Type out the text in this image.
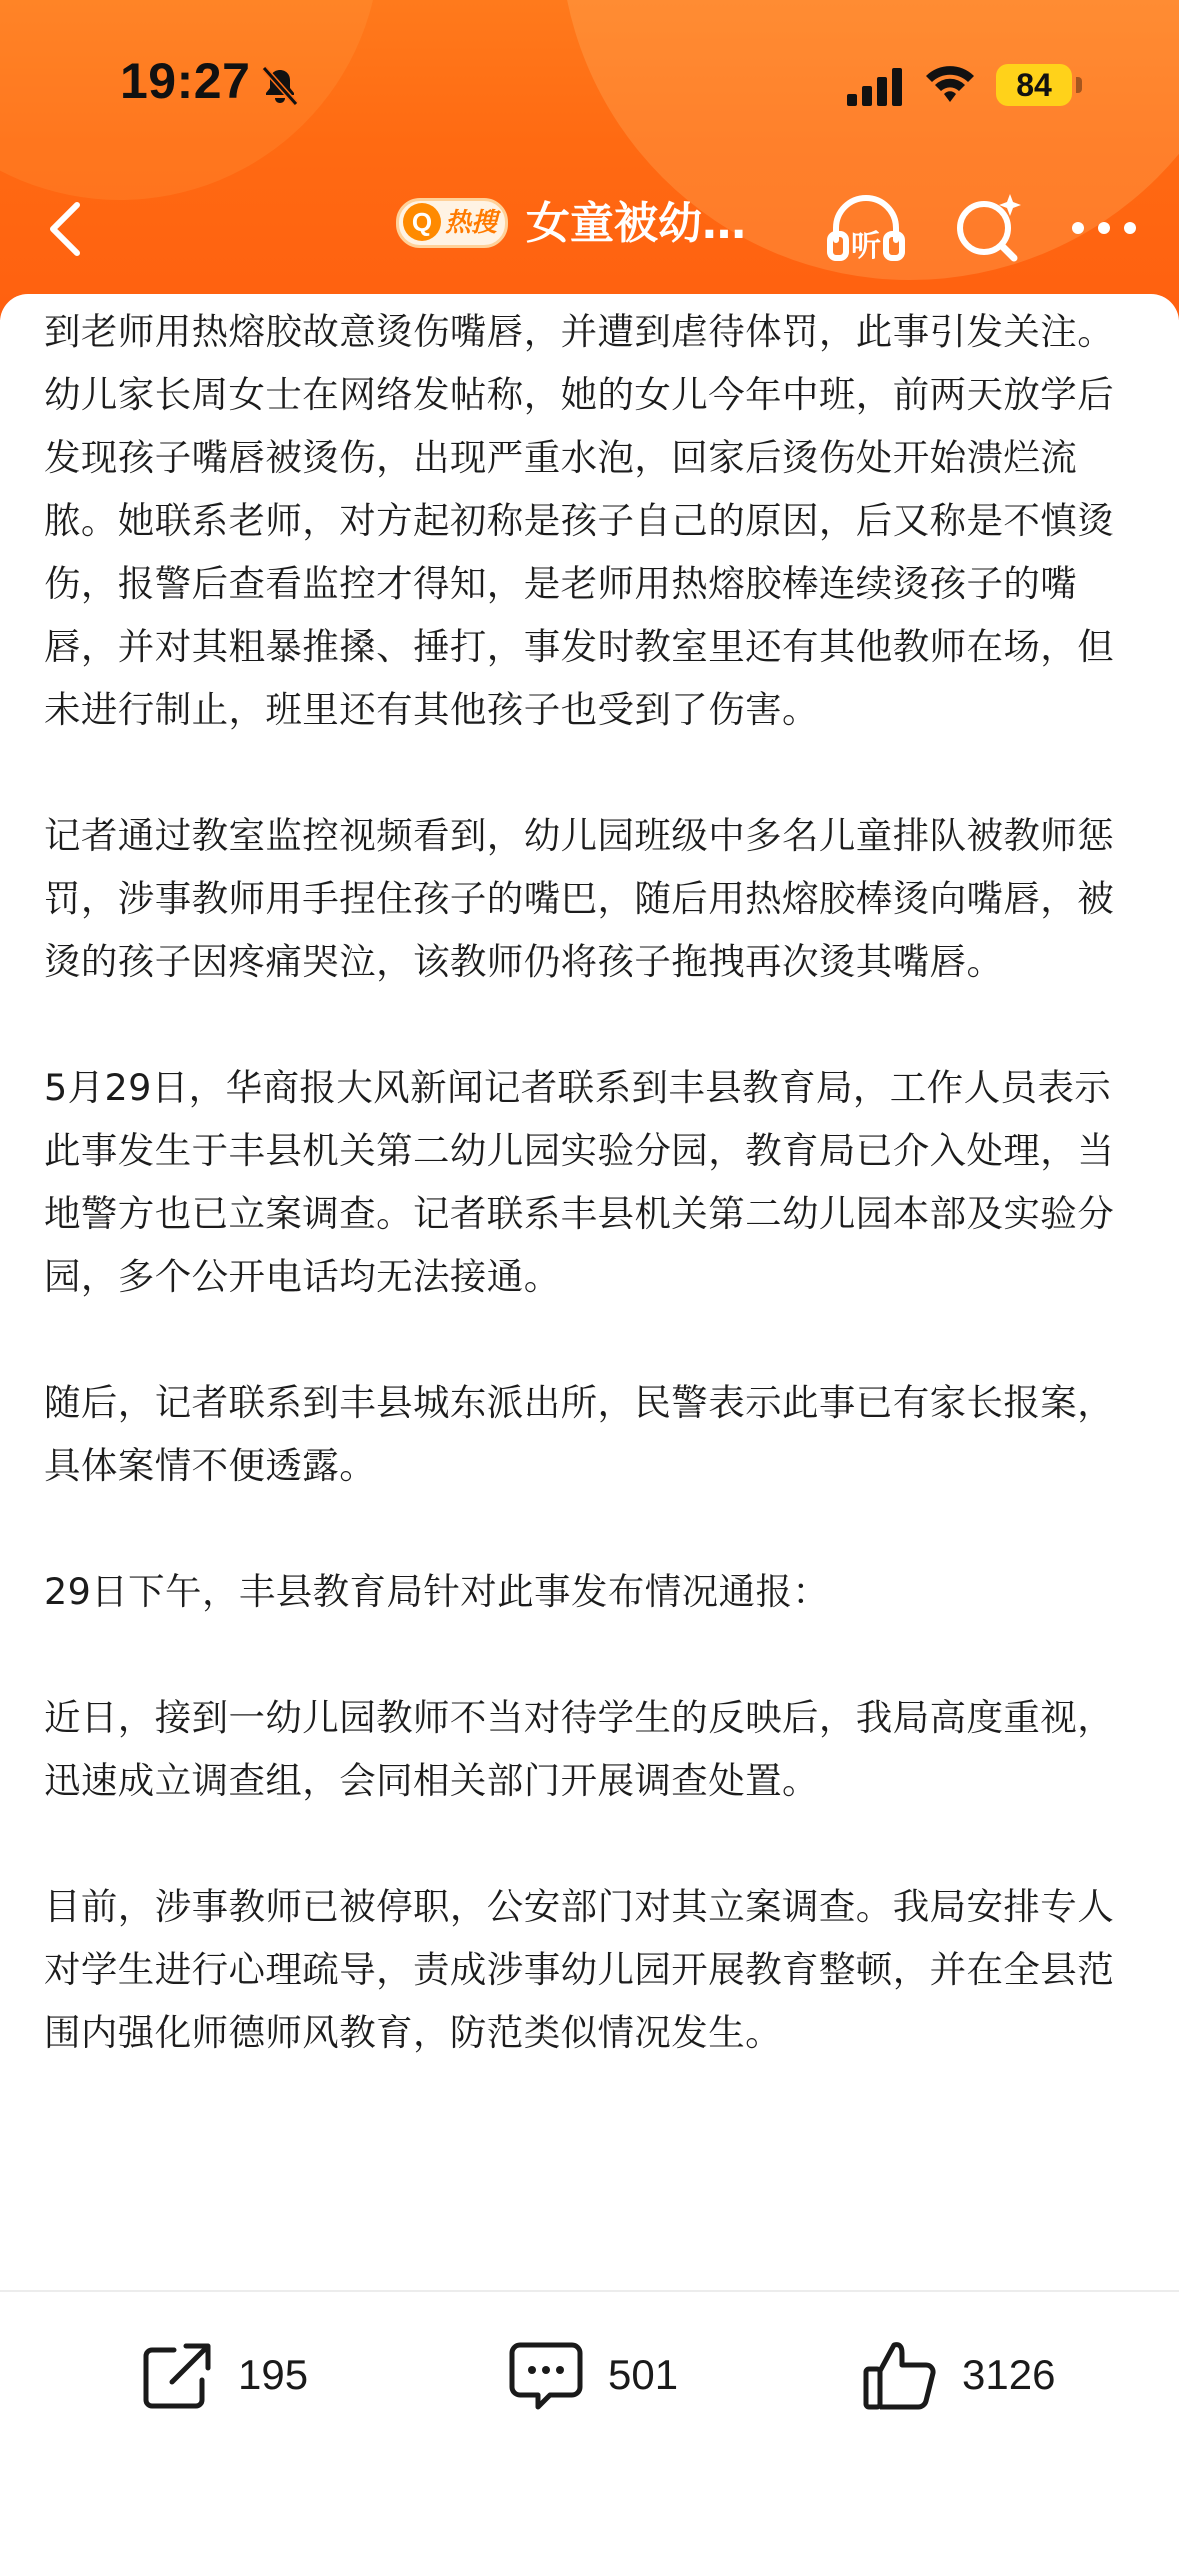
19:27	84
Q 热搜 女童被幼…	听

到老师用热熔胶故意烫伤嘴唇，并遭到虐待体罚，此事引发关注。幼儿家长周女士在网络发帖称，她的女儿今年中班，前两天放学后发现孩子嘴唇被烫伤，出现严重水泡，回家后烫伤处开始溃烂流脓。她联系老师，对方起初称是孩子自己的原因，后又称是不慎烫伤，报警后查看监控才得知，是老师用热熔胶棒连续烫孩子的嘴唇，并对其粗暴推搡、捶打，事发时教室里还有其他教师在场，但未进行制止，班里还有其他孩子也受到了伤害。

记者通过教室监控视频看到，幼儿园班级中多名儿童排队被教师惩罚，涉事教师用手捏住孩子的嘴巴，随后用热熔胶棒烫向嘴唇，被烫的孩子因疼痛哭泣，该教师仍将孩子拖拽再次烫其嘴唇。

5月29日，华商报大风新闻记者联系到丰县教育局，工作人员表示此事发生于丰县机关第二幼儿园实验分园，教育局已介入处理，当地警方也已立案调查。记者联系丰县机关第二幼儿园本部及实验分园，多个公开电话均无法接通。

随后，记者联系到丰县城东派出所，民警表示此事已有家长报案，具体案情不便透露。

29日下午，丰县教育局针对此事发布情况通报：

近日，接到一幼儿园教师不当对待学生的反映后，我局高度重视，迅速成立调查组，会同相关部门开展调查处置。

目前，涉事教师已被停职，公安部门对其立案调查。我局安排专人对学生进行心理疏导，责成涉事幼儿园开展教育整顿，并在全县范围内强化师德师风教育，防范类似情况发生。

195	501	3126
